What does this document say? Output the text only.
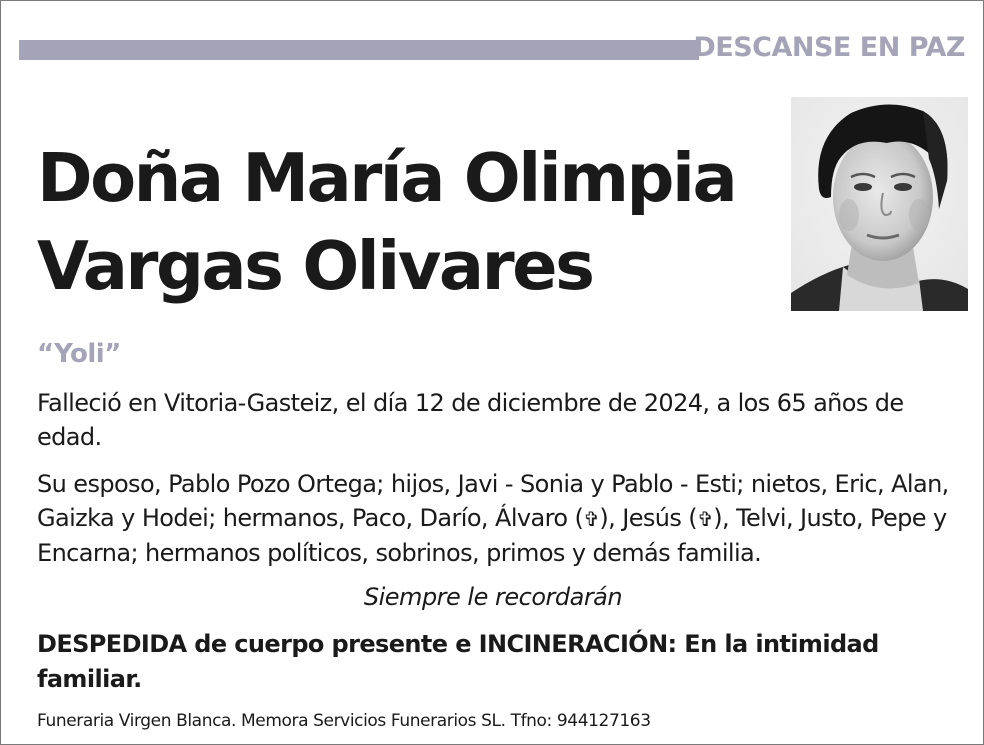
DESCANSE EN PAZ
Doña María Olimpia
Vargas Olivares
“Yoli”

Falleció en Vitoria-Gasteiz, el día 12 de diciembre de 2024, a los 65 años de edad.

Su esposo, Pablo Pozo Ortega; hijos, Javi - Sonia y Pablo - Esti; nietos, Eric, Alan, Gaizka y Hodei; hermanos, Paco, Darío, Álvaro (✞), Jesús (✞), Telvi, Justo, Pepe y Encarna; hermanos políticos, sobrinos, primos y demás familia.

Siempre le recordarán

DESPEDIDA de cuerpo presente e INCINERACIÓN: En la intimidad familiar.

Funeraria Virgen Blanca. Memora Servicios Funerarios SL. Tfno: 944127163
